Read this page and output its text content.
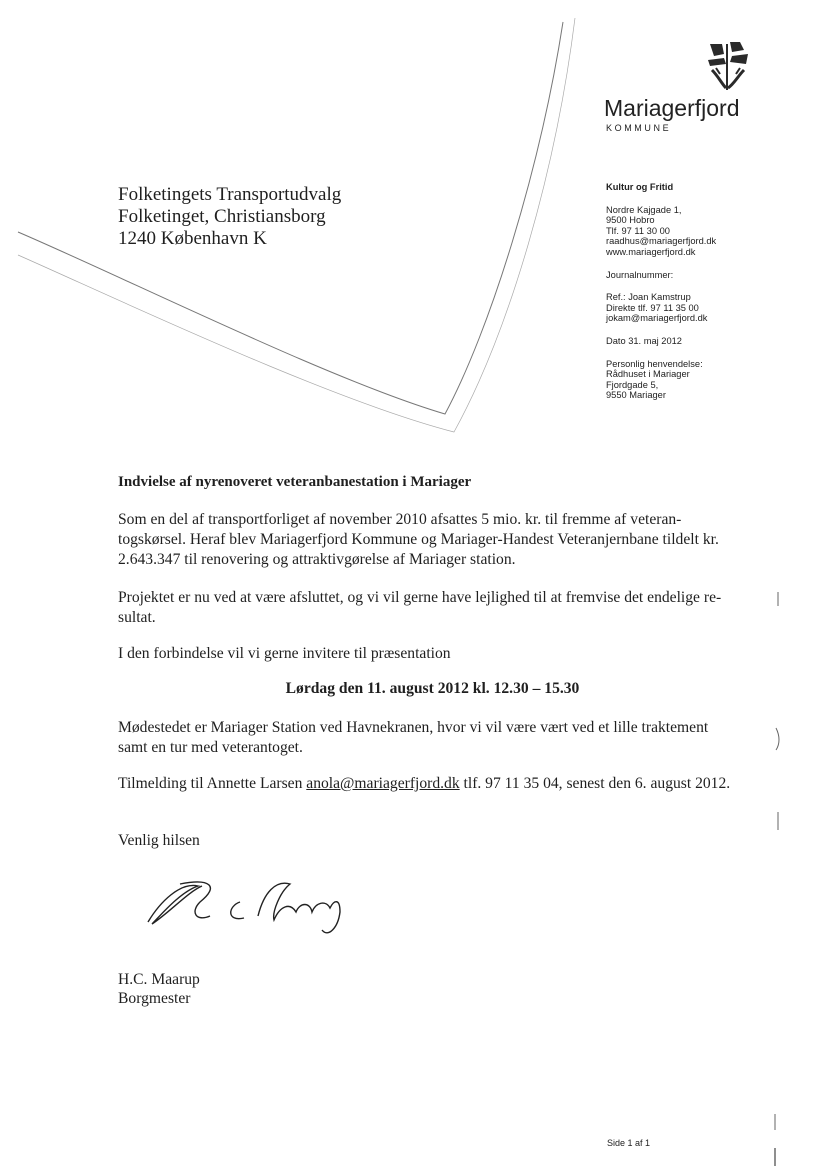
Mariagerfjord
KOMMUNE
Folketingets Transportudvalg
Folketinget, Christiansborg
1240 København K
Kultur og Fritid
Nordre Kajgade 1,
9500 Hobro
Tlf. 97 11 30 00
raadhus@mariagerfjord.dk
www.mariagerfjord.dk
Journalnummer:
Ref.: Joan Kamstrup
Direkte tlf. 97 11 35 00
jokam@mariagerfjord.dk
Dato 31. maj 2012
Personlig henvendelse:
Rådhuset i Mariager
Fjordgade 5,
9550 Mariager
Indvielse af nyrenoveret veteranbanestation i Mariager
Som en del af transportforliget af november 2010 afsattes 5 mio. kr. til fremme af veteran-
togskørsel. Heraf blev Mariagerfjord Kommune og Mariager-Handest Veteranjernbane tildelt kr.
2.643.347 til renovering og attraktivgørelse af Mariager station.
Projektet er nu ved at være afsluttet, og vi vil gerne have lejlighed til at fremvise det endelige re-
sultat.
I den forbindelse vil vi gerne invitere til præsentation
Lørdag den 11. august 2012 kl. 12.30 – 15.30
Mødestedet er Mariager Station ved Havnekranen, hvor vi vil være vært ved et lille traktement
samt en tur med veterantoget.
Tilmelding til Annette Larsen anola@mariagerfjord.dk tlf. 97 11 35 04, senest den 6. august 2012.
Venlig hilsen
H.C. Maarup
Borgmester
Side 1 af 1
